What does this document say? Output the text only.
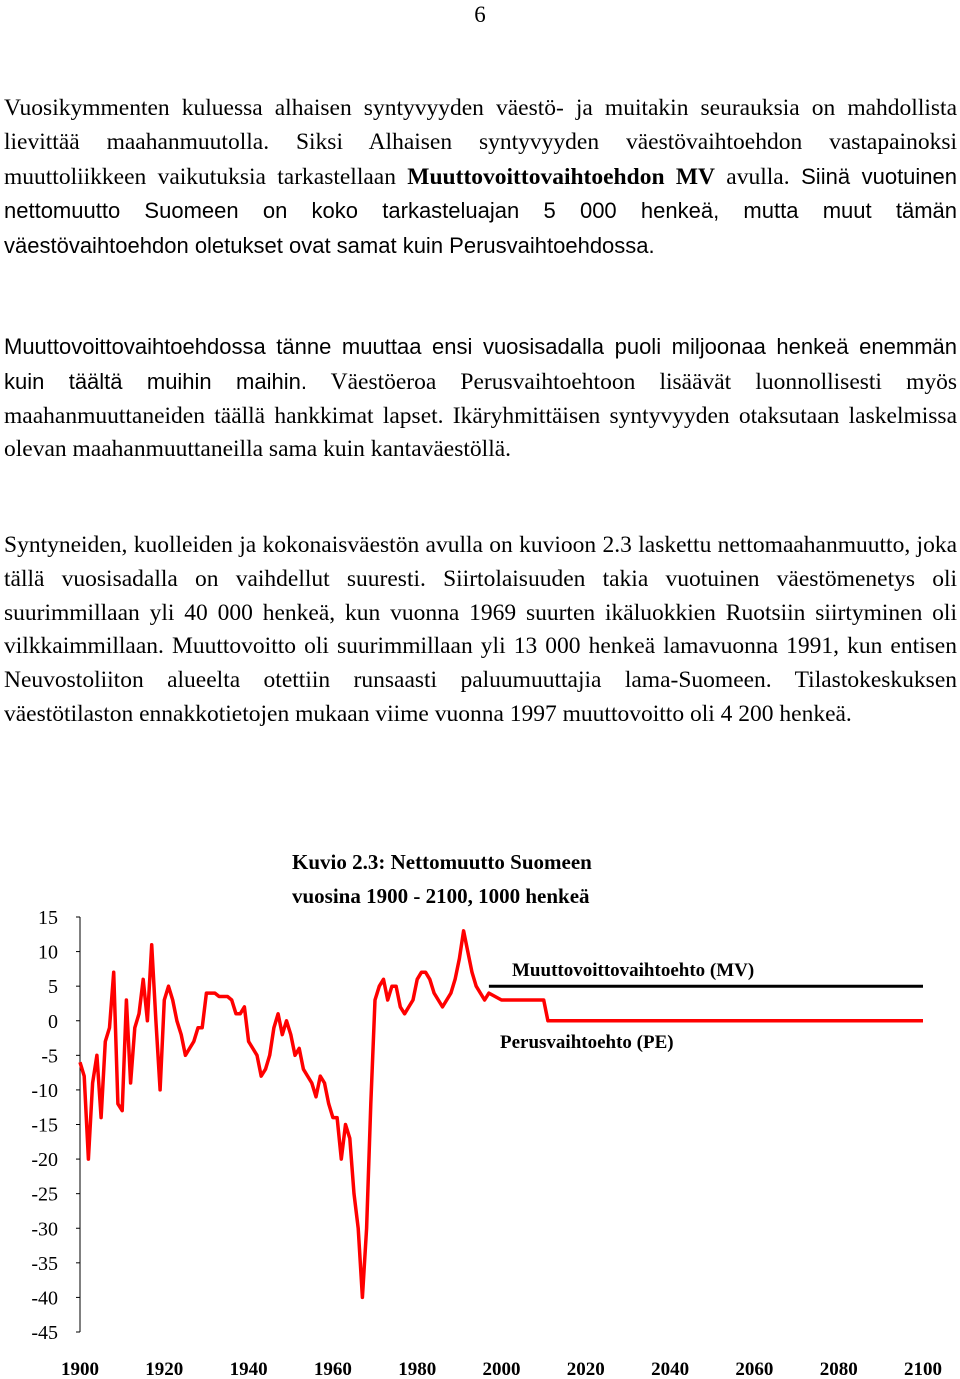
6

Vuosikymmenten kuluessa alhaisen syntyvyyden väestö- ja muitakin seurauksia on mahdollista lievittää maahanmuutolla. Siksi Alhaisen syntyvyyden väestövaihtoehdon vastapainoksi muuttoliikkeen vaikutuksia tarkastellaan Muuttovoittovaihtoehdon MV avulla. Siinä vuotuinen nettomuutto Suomeen on koko tarkasteluajan 5 000 henkeä, mutta muut tämän väestövaihtoehdon oletukset ovat samat kuin Perusvaihtoehdossa.

Muuttovoittovaihtoehdossa tänne muuttaa ensi vuosisadalla puoli miljoonaa henkeä enemmän kuin täältä muihin maihin. Väestöeroa Perusvaihtoehtoon lisäävät luonnollisesti myös maahanmuuttaneiden täällä hankkimat lapset. Ikäryhmittäisen syntyvyyden otaksutaan laskelmissa olevan maahanmuuttaneilla sama kuin kantaväestöllä.

Syntyneiden, kuolleiden ja kokonaisväestön avulla on kuvioon 2.3 laskettu nettomaahanmuutto, joka tällä vuosisadalla on vaihdellut suuresti. Siirtolaisuuden takia vuotuinen väestömenetys oli suurimmillaan yli 40 000 henkeä, kun vuonna 1969 suurten ikäluokkien Ruotsiin siirtyminen oli vilkkaimmillaan. Muuttovoitto oli suurimmillaan yli 13 000 henkeä lamavuonna 1991, kun entisen Neuvostoliiton alueelta otettiin runsaasti paluumuuttajia lama-Suomeen. Tilastokeskuksen väestötilaston ennakkotietojen mukaan viime vuonna 1997 muuttovoitto oli 4 200 henkeä.

Kuvio 2.3: Nettomuutto Suomeen
vuosina 1900 - 2100, 1000 henkeä
15
10
5
0
-5
-10
-15
-20
-25
-30
-35
-40
-45
1900 1920 1940 1960 1980 2000 2020 2040 2060 2080 2100
Muuttovoittovaihtoehto (MV)
Perusvaihtoehto (PE)
